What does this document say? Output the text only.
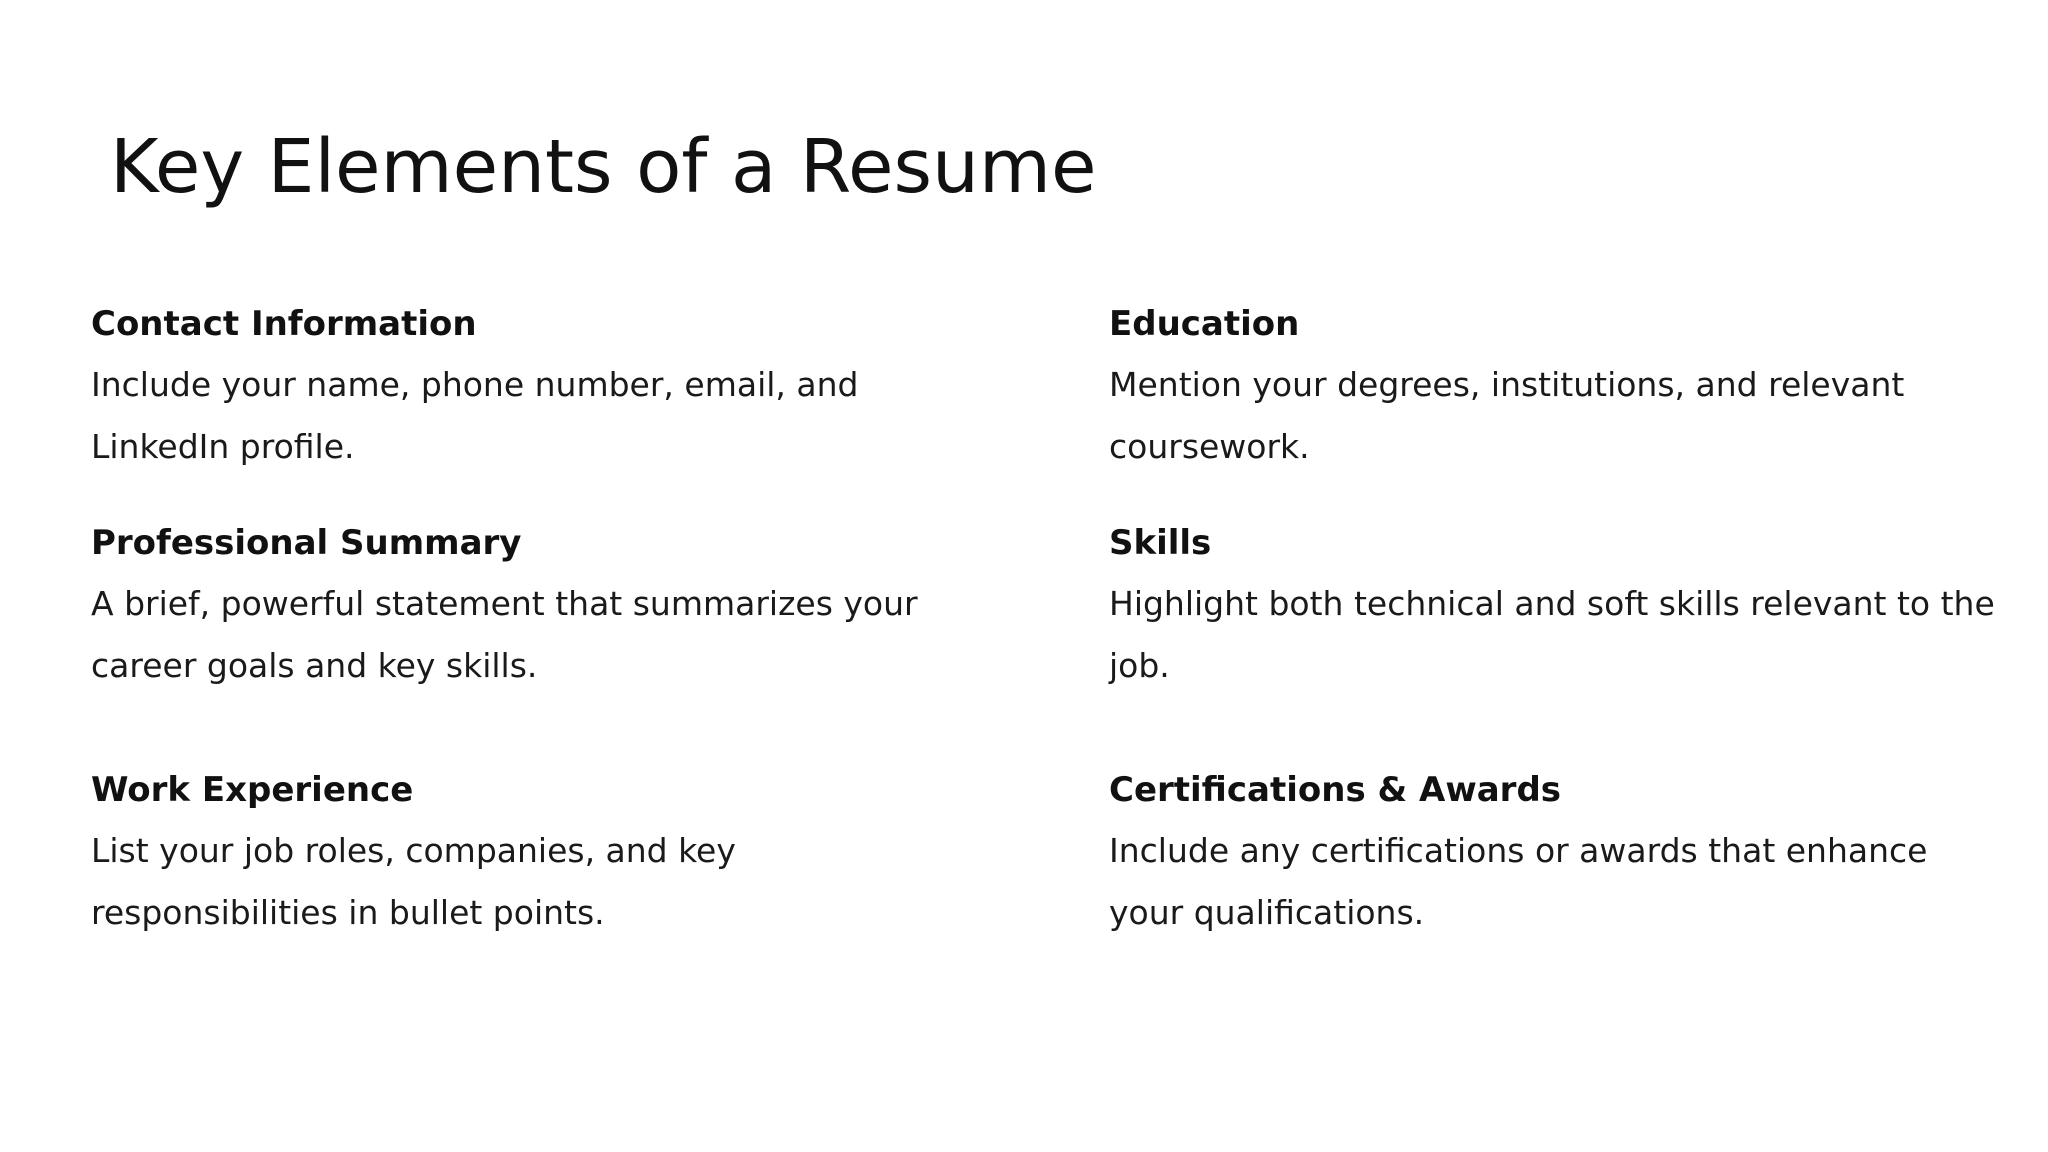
Key Elements of a Resume

Contact Information

Include your name, phone number, email, and LinkedIn profile.

Education

Mention your degrees, institutions, and relevant coursework.

Professional Summary

A brief, powerful statement that summarizes your career goals and key skills.

Skills

Highlight both technical and soft skills relevant to the job.

Work Experience

List your job roles, companies, and key responsibilities in bullet points.

Certifications & Awards

Include any certifications or awards that enhance your qualifications.
